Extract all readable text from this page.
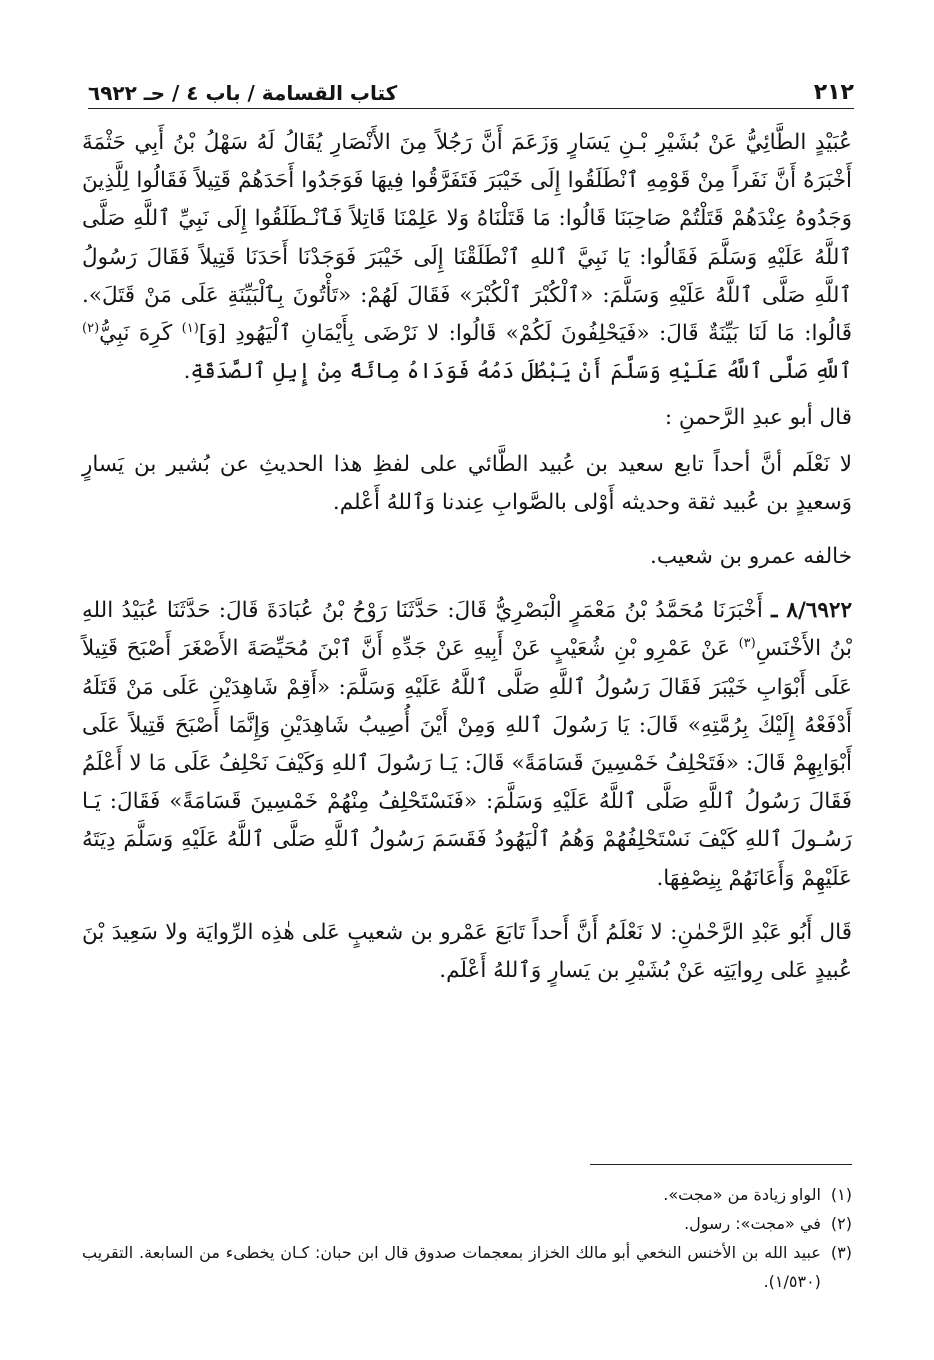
٢١٢
كتاب القسامة / باب ٤ / حـ ٦٩٢٢

عُبَيْدٍ الطَّائِيُّ عَنْ بُشَيْرِ بْـنِ يَسَارٍ وَزَعَمَ أَنَّ رَجُلاً مِنَ الأَنْصَارِ يُقَالُ لَهُ سَهْلُ بْنُ أَبِي حَثْمَةَ أَخْبَرَهُ أَنَّ نَفَراً مِنْ قَوْمِهِ ٱنْطَلَقُوا إِلَى خَيْبَرَ فَتَفَرَّقُوا فِيهَا فَوَجَدُوا أَحَدَهُمْ قَتِيلاً فَقَالُوا لِلَّذِينَ وَجَدُوهُ عِنْدَهُمْ قَتَلْتُمْ صَاحِبَنَا قَالُوا: مَا قَتَلْنَاهُ وَلا عَلِمْنَا قَاتِلاً فَٱنْـطَلَقُوا إِلَى نَبِيِّ ٱللَّهِ صَلَّى ٱللَّهُ عَلَيْهِ وَسَلَّمَ فَقَالُوا: يَا نَبِيَّ ٱللهِ ٱنْطَلَقْنَا إِلَى خَيْبَرَ فَوَجَدْنَا أَحَدَنَا قَتِيلاً فَقَالَ رَسُولُ ٱللَّهِ صَلَّى ٱللَّهُ عَلَيْهِ وَسَلَّمَ: «ٱلْكُبْرَ ٱلْكُبْرَ» فَقَالَ لَهُمْ: «تَأْتُونَ بِٱلْبَيِّنَةِ عَلَى مَنْ قَتَلَ». قَالُوا: مَا لَنَا بَيِّنَةٌ قَالَ: «فَيَحْلِفُونَ لَكُمْ» قَالُوا: لا نَرْضَى بِأَيْمَانِ ٱلْيَهُودِ [وَ]$^{(١)}$ كَرِهَ نَبِيُّ$^{(٢)}$ ٱللَّهِ صَلَّى ٱللَّهُ عَلَيْهِ وَسَلَّمَ أَنْ يَبْطُلَ دَمُهُ فَوَدَاهُ مِائَةً مِنْ إِبِلِ ٱلصَّدَقَةِ.

قال أبو عبدِ الرَّحمنِ :

لا نَعْلَم أنَّ أحداً تابع سعيد بن عُبيد الطَّائي على لفظِ هذا الحديثِ عن بُشير بن يَسارٍ وَسعيدٍ بن عُبيد ثقة وحديثه أَوْلى بالصَّوابِ عِندنا وَٱللهُ أَعْلم.

خالفه عمرو بن شعيب.

٨/٦٩٢٢ ـ أَخْبَرَنَا مُحَمَّدُ بْنُ مَعْمَرٍ الْبَصْرِيُّ قَالَ: حَدَّثَنَا رَوْحُ بْنُ عُبَادَةَ قَالَ: حَدَّثَنَا عُبَيْدُ اللهِ بْنُ الأَخْنَسِ$^{(٣)}$ عَنْ عَمْرِو بْنِ شُعَيْبٍ عَنْ أَبِيهِ عَنْ جَدِّهِ أَنَّ ٱبْنَ مُحَيِّصَةَ الأَصْغَرَ أَصْبَحَ قَتِيلاً عَلَى أَبْوَابِ خَيْبَرَ فَقَالَ رَسُولُ ٱللَّهِ صَلَّى ٱللَّهُ عَلَيْهِ وَسَلَّمَ: «أَقِمْ شَاهِدَيْنِ عَلَى مَنْ قَتَلَهُ أَدْفَعْهُ إِلَيْكَ بِرُمَّتِهِ» قَالَ: يَا رَسُولَ ٱللهِ وَمِنْ أَيْنَ أُصِيبُ شَاهِدَيْنِ وَإِنَّمَا أَصْبَحَ قَتِيلاً عَلَى أَبْوَابِهِمْ قَالَ: «فَتَحْلِفُ خَمْسِينَ قَسَامَةً» قَالَ: يَـا رَسُولَ ٱللهِ وَكَيْفَ نَحْلِفُ عَلَى مَا لا أَعْلَمُ فَقَالَ رَسُولُ ٱللَّهِ صَلَّى ٱللَّهُ عَلَيْهِ وَسَلَّمَ: «فَنَسْتَحْلِفُ مِنْهُمْ خَمْسِينَ قَسَامَةً» فَقَالَ: يَـا رَسُـولَ ٱللهِ كَيْفَ نَسْتَحْلِفُهُمْ وَهُمُ ٱلْيَهُودُ فَقَسَمَ رَسُولُ ٱللَّهِ صَلَّى ٱللَّهُ عَلَيْهِ وَسَلَّمَ دِيَتَهُ عَلَيْهِمْ وَأَعَانَهُمْ بِنِصْفِهَا.

قَال أَبُو عَبْدِ الرَّحْمٰنِ: لا نَعْلَمُ أَنَّ أَحداً تَابَعَ عَمْرو بن شعيبٍ عَلى هٰذِه الرِّوايَة ولا سَعِيدَ بْنَ عُبيدٍ عَلى رِوايَتِه عَنْ بُشَيْرِ بن يَسارٍ وَٱللهُ أَعْلَم.

(١)
الواو زيادة من «مجت».

(٢)
في «مجت»: رسول.

(٣)
عبيد الله بن الأخنس النخعي أبو مالك الخزاز بمعجمات صدوق قال ابن حبان: كـان يخطىء من السابعة. التقريب (١/٥٣٠).
